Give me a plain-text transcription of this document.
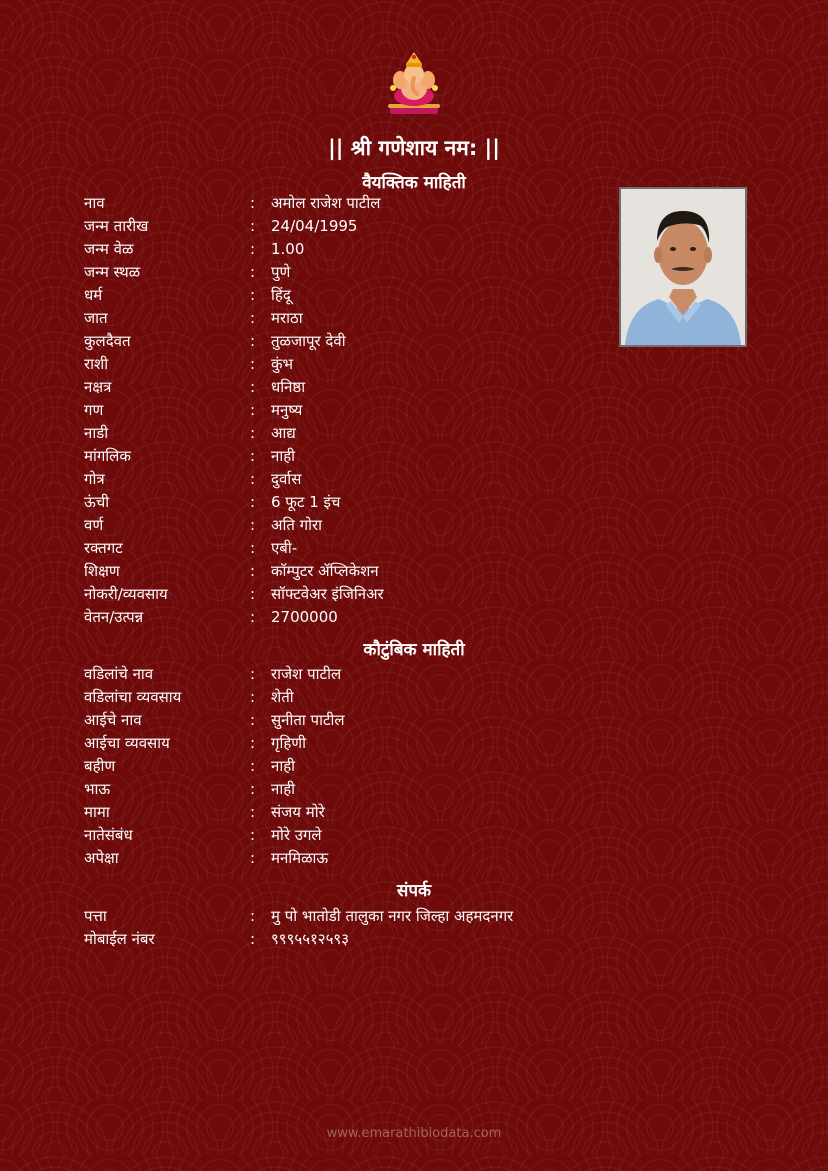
|| श्री गणेशाय नम: ||
वैयक्तिक माहिती
नाव	: अमोल राजेश पाटील
जन्म तारीख	: 24/04/1995
जन्म वेळ	: 1.00
जन्म स्थळ	: पुणे
धर्म	: हिंदू
जात	: मराठा
कुलदैवत	: तुळजापूर देवी
राशी	: कुंभ
नक्षत्र	: धनिष्ठा
गण	: मनुष्य
नाडी	: आद्य
मांगलिक	: नाही
गोत्र	: दुर्वास
ऊंची	: 6 फूट 1 इंच
वर्ण	: अति गोरा
रक्तगट	: एबी-
शिक्षण	: कॉम्पुटर ॲप्लिकेशन
नोकरी/व्यवसाय	: सॉफ्टवेअर इंजिनिअर
वेतन/उत्पन्न	: 2700000
कौटुंबिक माहिती
वडिलांचे नाव	: राजेश पाटील
वडिलांचा व्यवसाय	: शेती
आईचे नाव	: सुनीता पाटील
आईचा व्यवसाय	: गृहिणी
बहीण	: नाही
भाऊ	: नाही
मामा	: संजय मोरे
नातेसंबंध	: मोरे उगले
अपेक्षा	: मनमिळाऊ
संपर्क
पत्ता	: मु पो भातोडी तालुका नगर जिल्हा अहमदनगर
मोबाईल नंबर	: ९९९५५१२५९३
www.emarathibiodata.com
